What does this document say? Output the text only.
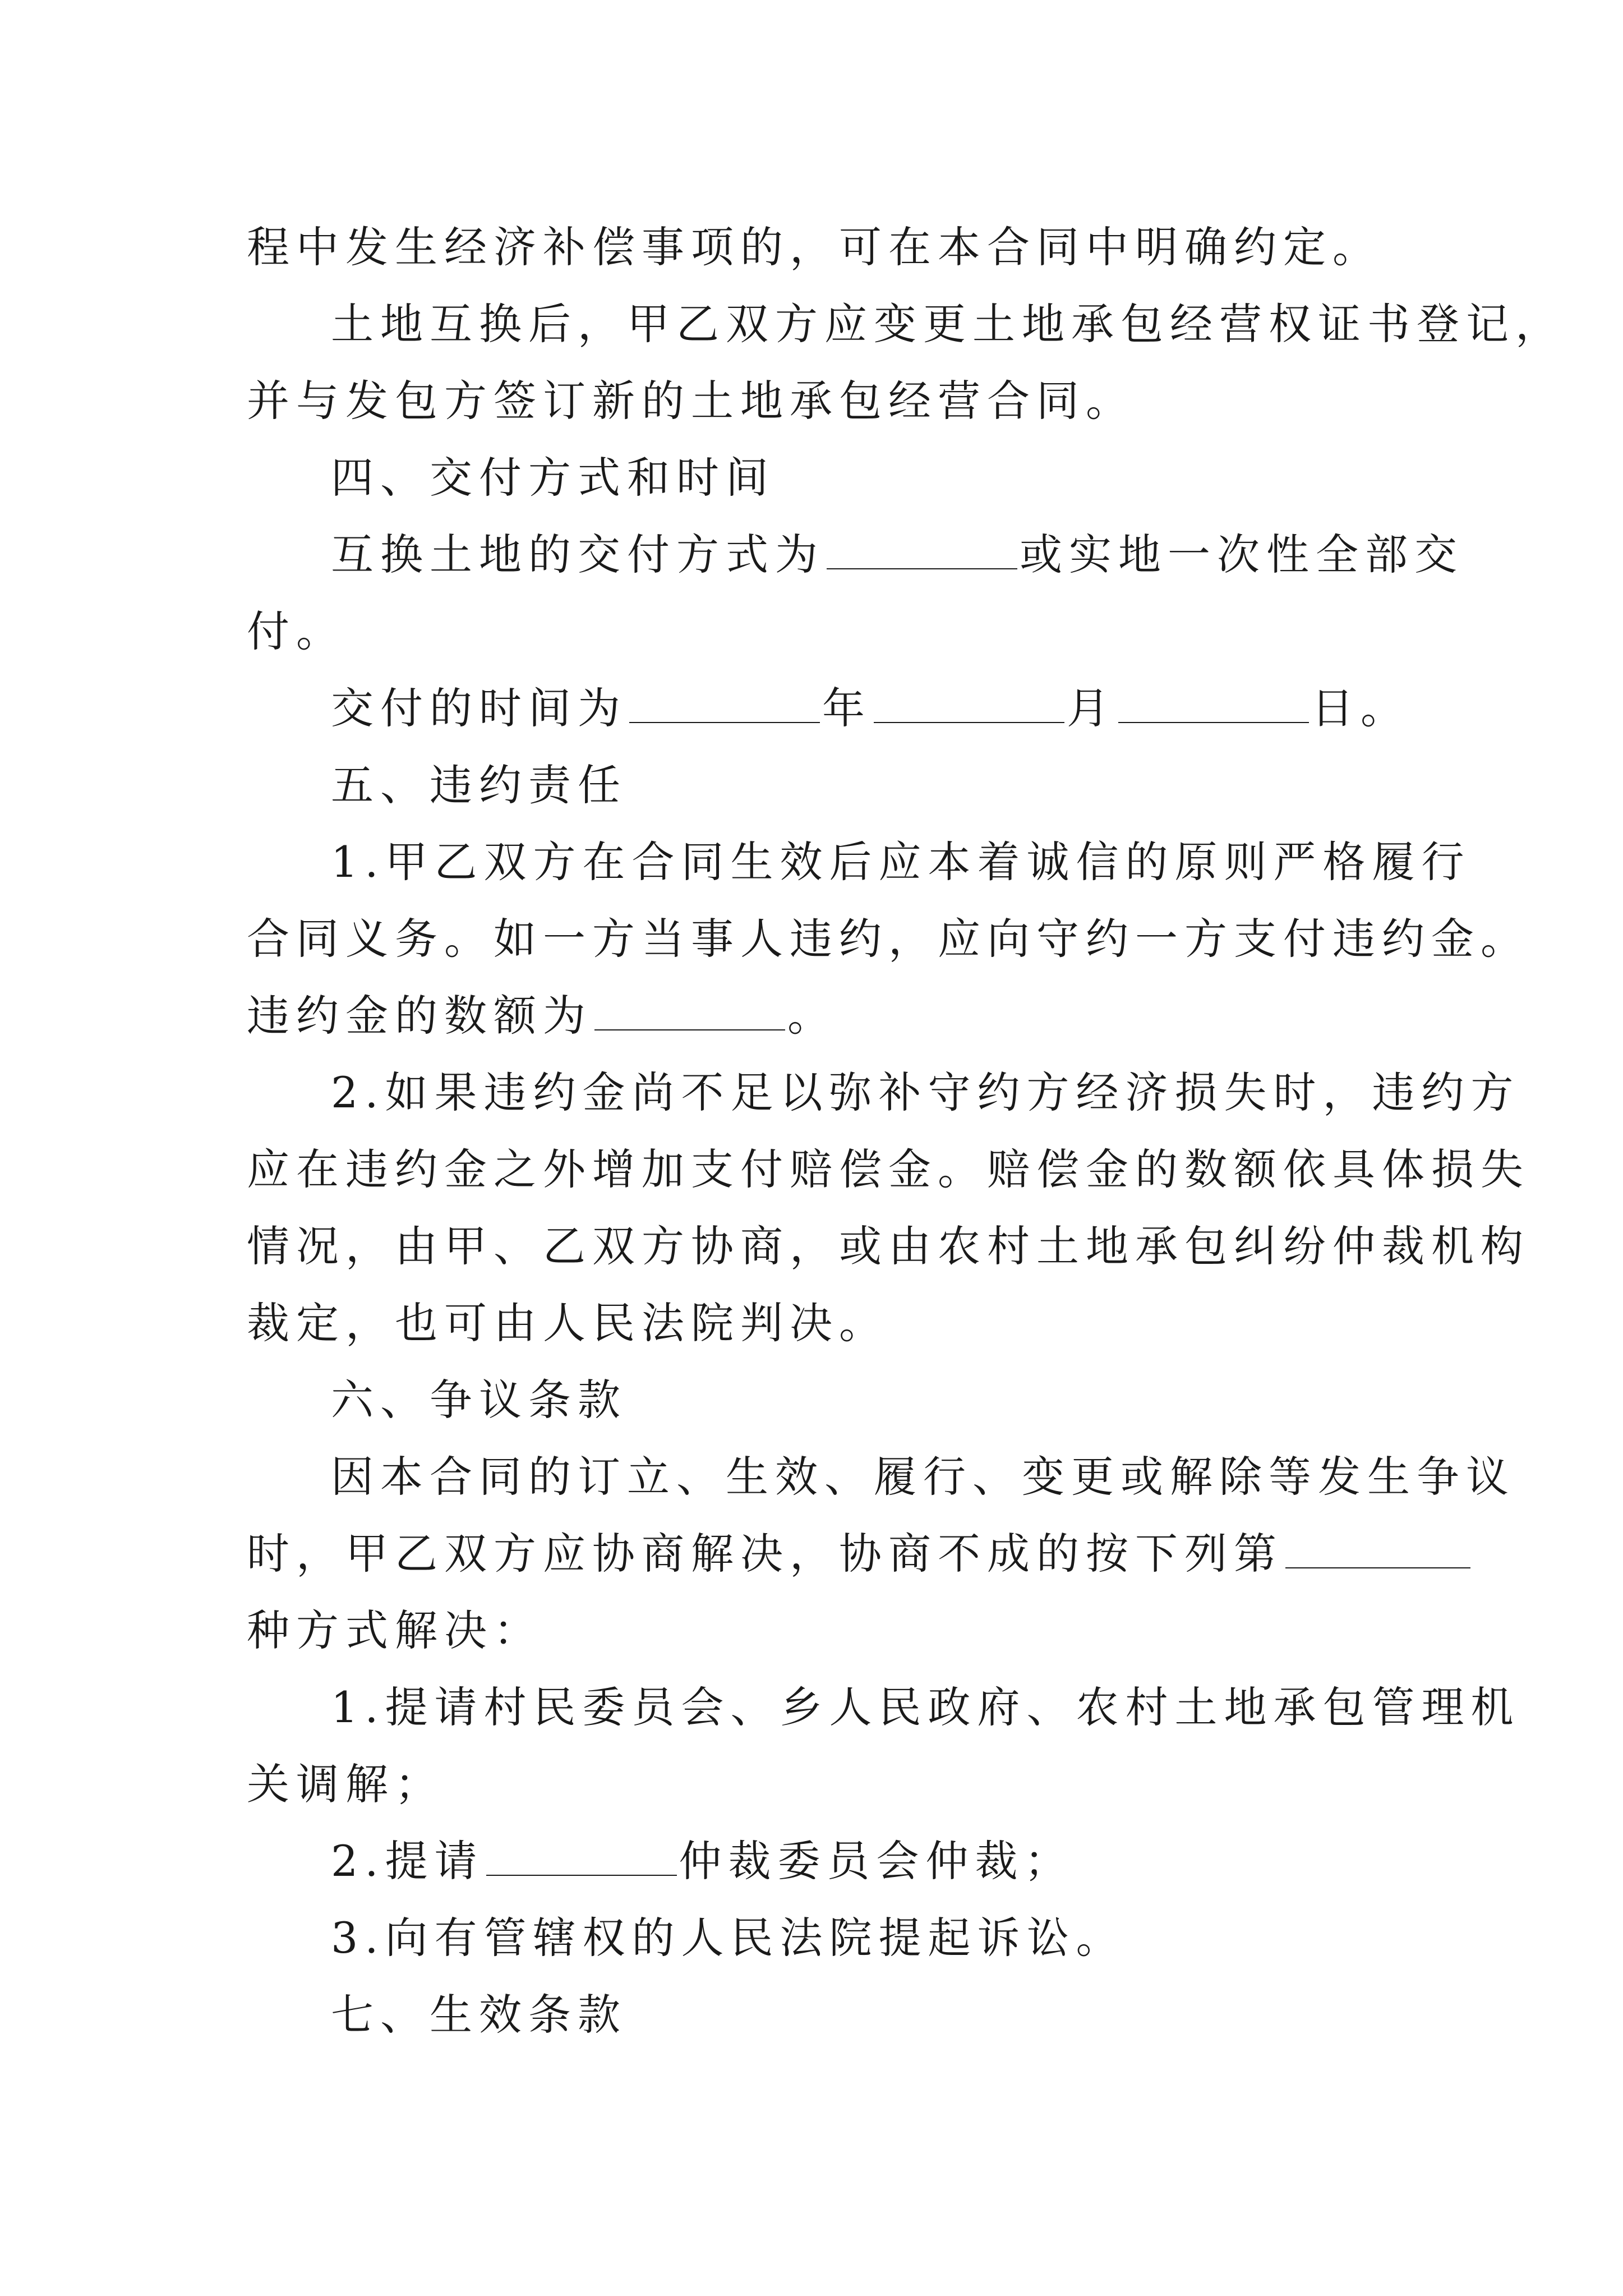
程中发生经济补偿事项的，可在本合同中明确约定。
土地互换后，甲乙双方应变更土地承包经营权证书登记，
并与发包方签订新的土地承包经营合同。
四、交付方式和时间
互换土地的交付方式为	或实地一次性全部交
付。
交付的时间为	年	月	日。
五、违约责任
1.甲乙双方在合同生效后应本着诚信的原则严格履行
合同义务。如一方当事人违约，应向守约一方支付违约金。
违约金的数额为	。
2.如果违约金尚不足以弥补守约方经济损失时，违约方
应在违约金之外增加支付赔偿金。赔偿金的数额依具体损失
情况，由甲、乙双方协商，或由农村土地承包纠纷仲裁机构
裁定，也可由人民法院判决。
六、争议条款
因本合同的订立、生效、履行、变更或解除等发生争议
时，甲乙双方应协商解决，协商不成的按下列第
种方式解决：
1.提请村民委员会、乡人民政府、农村土地承包管理机
关调解；
2.提请	仲裁委员会仲裁；
3.向有管辖权的人民法院提起诉讼。
七、生效条款
